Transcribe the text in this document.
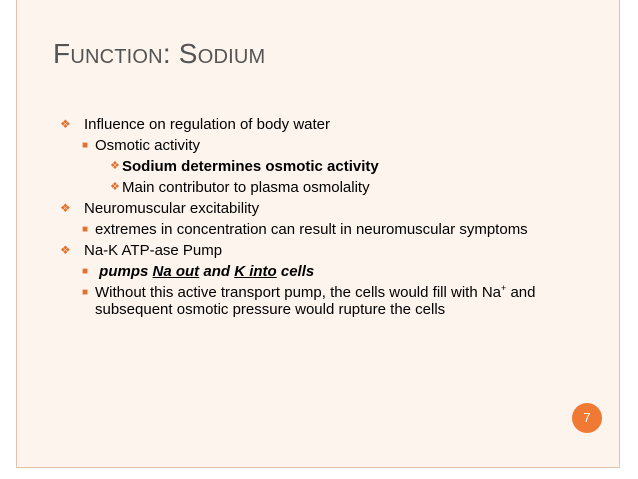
FUNCTION: SODIUM
❖ Influence on regulation of body water
■ Osmotic activity
❖ Sodium determines osmotic activity
❖ Main contributor to plasma osmolality
❖ Neuromuscular excitability
■ extremes in concentration can result in neuromuscular symptoms
❖ Na-K ATP-ase Pump
■ pumps Na out and K into cells
■ Without this active transport pump, the cells would fill with Na+ and subsequent osmotic pressure would rupture the cells
7
